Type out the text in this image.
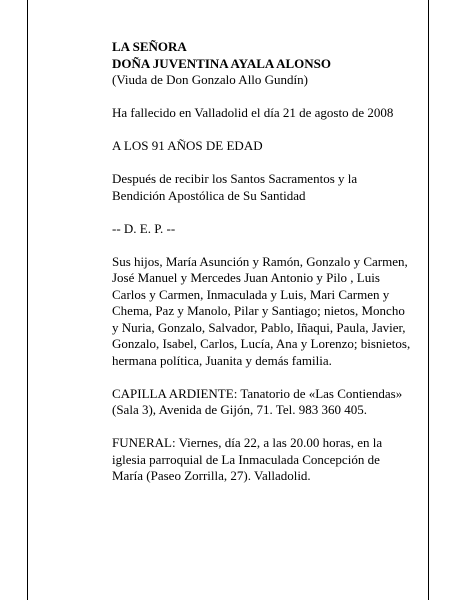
LA SEÑORA

DOÑA JUVENTINA AYALA ALONSO

(Viuda de Don Gonzalo Allo Gundín)

Ha fallecido en Valladolid el día 21 de agosto de 2008

A LOS 91 AÑOS DE EDAD

Después de recibir los Santos Sacramentos y la Bendición Apostólica de Su Santidad

-- D. E. P. --

Sus hijos, María Asunción y Ramón, Gonzalo y Carmen, José Manuel y Mercedes Juan Antonio y Pilo , Luis Carlos y Carmen, Inmaculada y Luis, Mari Carmen y Chema, Paz y Manolo, Pilar y Santiago; nietos, Moncho y Nuria, Gonzalo, Salvador, Pablo, Iñaqui, Paula, Javier, Gonzalo, Isabel, Carlos, Lucía, Ana y Lorenzo; bisnietos, hermana política, Juanita y demás familia.

CAPILLA ARDIENTE: Tanatorio de «Las Contiendas» (Sala 3), Avenida de Gijón, 71. Tel. 983 360 405.

FUNERAL: Viernes, día 22, a las 20.00 horas, en la iglesia parroquial de La Inmaculada Concepción de María (Paseo Zorrilla, 27). Valladolid.
